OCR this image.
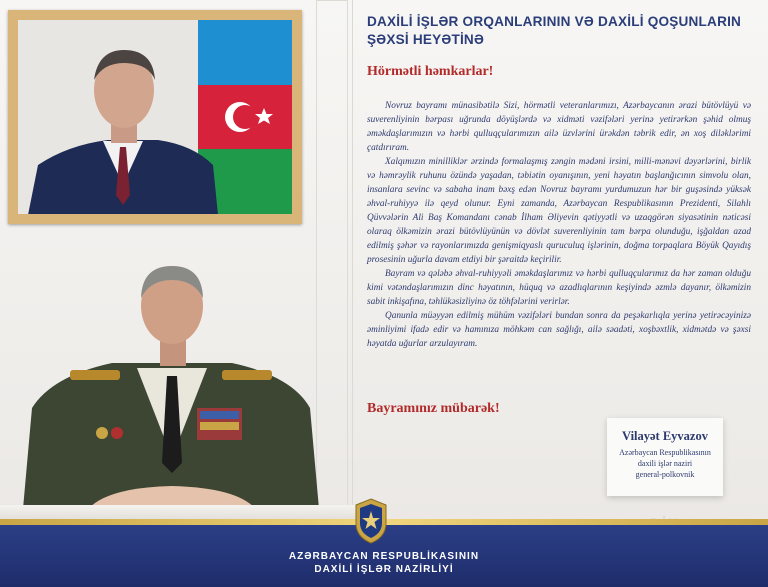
DAXİLİ İŞLƏR ORQANLARININ VƏ DAXİLİ QOŞUNLARIN
ŞƏXSİ HEYƏTİNƏ
Hörmətli həmkarlar!

Novruz bayramı münasibətilə Sizi, hörmətli veteranlarımızı, Azərbaycanın ərazi bütövlüyü və suverenliyinin bərpası uğrunda döyüşlərdə və xidməti vəzifələri yerinə yetirərkən şəhid olmuş əməkdaşlarımızın və hərbi qulluqçularımızın ailə üzvlərini ürəkdən təbrik edir, ən xoş diləklərimi çatdırıram.

Xalqımızın minilliklər ərzində formalaşmış zəngin mədəni irsini, milli-mənəvi dəyərlərini, birlik və həmrəylik ruhunu özündə yaşadan, təbiətin oyanışının, yeni həyatın başlanğıcının simvolu olan, insanlara sevinc və sabaha inam bəxş edən Novruz bayramı yurdumuzun hər bir guşəsində yüksək əhval-ruhiyyə ilə qeyd olunur. Eyni zamanda, Azərbaycan Respublikasının Prezidenti, Silahlı Qüvvələrin Ali Baş Komandanı cənab İlham Əliyevin qətiyyətli və uzaqgörən siyasətinin nəticəsi olaraq ölkəmizin ərazi bütövlüyünün və dövlət suverenliyinin tam bərpa olunduğu, işğaldan azad edilmiş şəhər və rayonlarımızda genişmiqyaslı quruculuq işlərinin, doğma torpaqlara Böyük Qayıdış prosesinin uğurla davam etdiyi bir şəraitdə keçirilir.

Bayram və qələbə əhval-ruhiyyəli əməkdaşlarımız və hərbi qulluqçularımız da hər zaman olduğu kimi vətəndaşlarımızın dinc həyatının, hüquq və azadlıqlarının keşiyində əzmlə dayanır, ölkəmizin sabit inkişafına, təhlükəsizliyinə öz töhfələrini verirlər.

Qanunla müəyyən edilmiş mühüm vəzifələri bundan sonra da peşəkarlıqla yerinə yetirəcəyinizə əminliyimi ifadə edir və hamınıza möhkəm can sağlığı, ailə səadəti, xoşbəxtlik, xidmətdə və şəxsi həyatda uğurlar arzulayıram.

Bayramınız mübarək!
Vilayət Eyvazov
Azərbaycan Respublikasının
daxili işlər naziri
general-polkovnik
AZƏRBAYCAN RESPUBLİKASININ
DAXİLİ İŞLƏR NAZİRLİYİ
